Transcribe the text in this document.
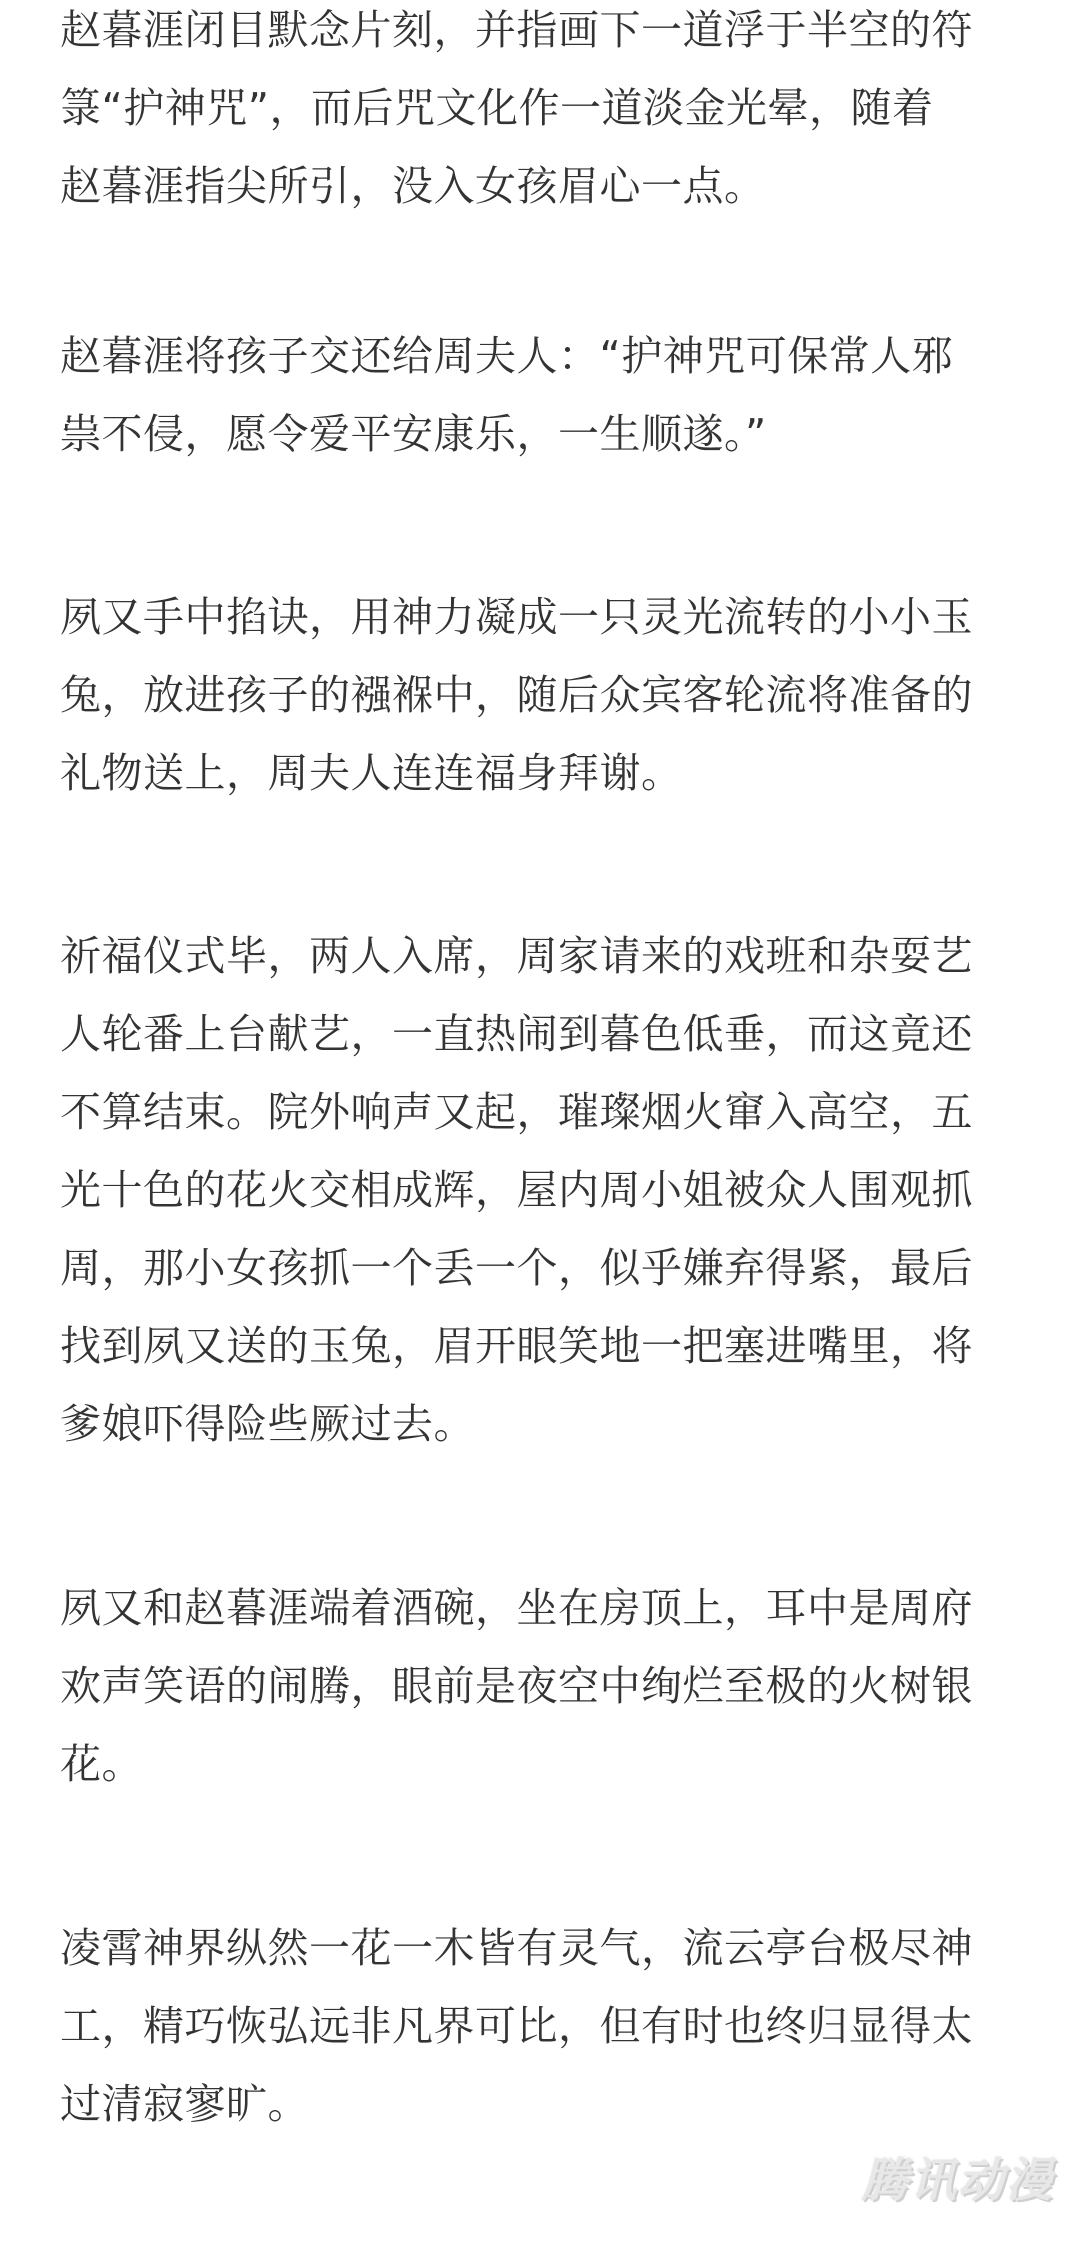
赵暮涯闭目默念片刻，并指画下一道浮于半空的符
箓“护神咒”，而后咒文化作一道淡金光晕，随着
赵暮涯指尖所引，没入女孩眉心一点。
赵暮涯将孩子交还给周夫人：“护神咒可保常人邪
祟不侵，愿令爱平安康乐，一生顺遂。”
夙又手中掐诀，用神力凝成一只灵光流转的小小玉
兔，放进孩子的襁褓中，随后众宾客轮流将准备的
礼物送上，周夫人连连福身拜谢。
祈福仪式毕，两人入席，周家请来的戏班和杂耍艺
人轮番上台献艺，一直热闹到暮色低垂，而这竟还
不算结束。院外响声又起，璀璨烟火窜入高空，五
光十色的花火交相成辉，屋内周小姐被众人围观抓
周，那小女孩抓一个丢一个，似乎嫌弃得紧，最后
找到夙又送的玉兔，眉开眼笑地一把塞进嘴里，将
爹娘吓得险些厥过去。
夙又和赵暮涯端着酒碗，坐在房顶上，耳中是周府
欢声笑语的闹腾，眼前是夜空中绚烂至极的火树银
花。
凌霄神界纵然一花一木皆有灵气，流云亭台极尽神
工，精巧恢弘远非凡界可比，但有时也终归显得太
过清寂寥旷。
腾讯动漫
